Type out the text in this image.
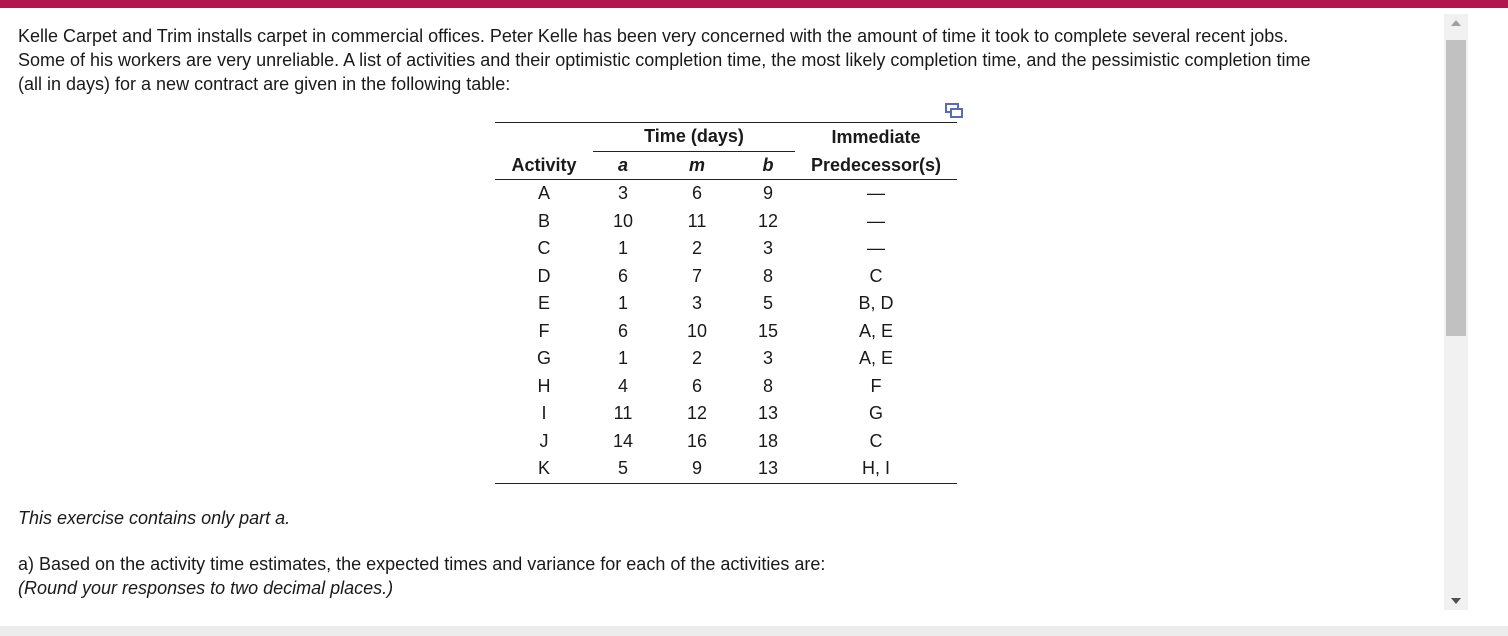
Kelle Carpet and Trim installs carpet in commercial offices. Peter Kelle has been very concerned with the amount of time it took to complete several recent jobs.

Some of his workers are very unreliable. A list of activities and their optimistic completion time, the most likely completion time, and the pessimistic completion time

(all in days) for a new contract are given in the following table:

	Time (days)			Immediate
Activity	a	m	b	Predecessor(s)
A	3	6	9	—
B	10	11	12	—
C	1	2	3	—
D	6	7	8	C
E	1	3	5	B, D
F	6	10	15	A, E
G	1	2	3	A, E
H	4	6	8	F
I	11	12	13	G
J	14	16	18	C
K	5	9	13	H, I
This exercise contains only part a.
a) Based on the activity time estimates, the expected times and variance for each of the activities are:
(Round your responses to two decimal places.)
